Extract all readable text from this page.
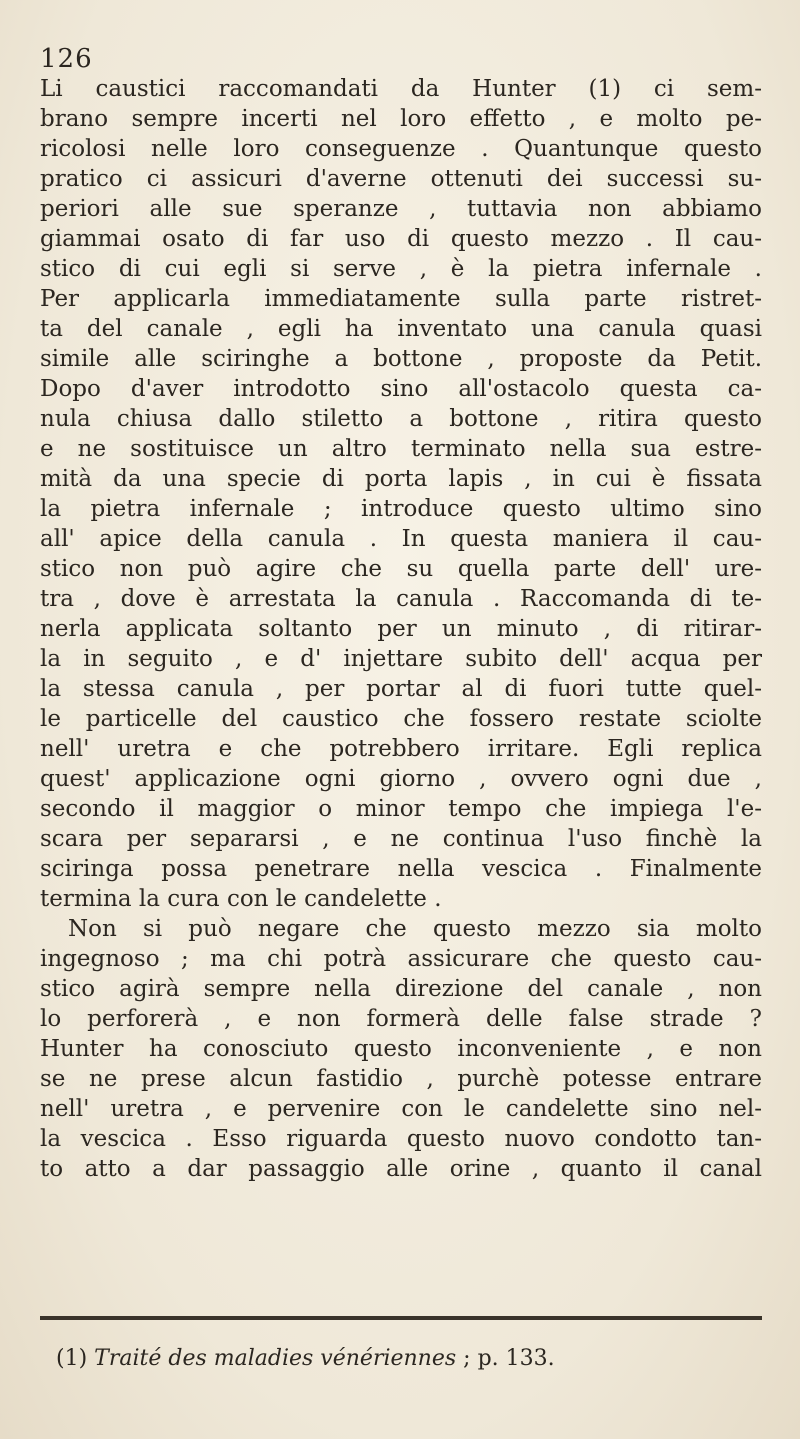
126
Li caustici raccomandati da Hunter (1) ci sem-
brano sempre incerti nel loro effetto , e molto pe-
ricolosi nelle loro conseguenze . Quantunque questo
pratico ci assicuri d'averne ottenuti dei successi su-
periori alle sue speranze , tuttavia non abbiamo
giammai osato di far uso di questo mezzo . Il cau-
stico di cui egli si serve , è la pietra infernale .
Per applicarla immediatamente sulla parte ristret-
ta del canale , egli ha inventato una canula quasi
simile alle sciringhe a bottone , proposte da Petit.
Dopo d'aver introdotto sino all'ostacolo questa ca-
nula chiusa dallo stiletto a bottone , ritira questo
e ne sostituisce un altro terminato nella sua estre-
mità da una specie di porta lapis , in cui è fissata
la pietra infernale ; introduce questo ultimo sino
all' apice della canula . In questa maniera il cau-
stico non può agire che su quella parte dell' ure-
tra , dove è arrestata la canula . Raccomanda di te-
nerla applicata soltanto per un minuto , di ritirar-
la in seguito , e d' injettare subito dell' acqua per
la stessa canula , per portar al di fuori tutte quel-
le particelle del caustico che fossero restate sciolte
nell' uretra e che potrebbero irritare. Egli replica
quest' applicazione ogni giorno , ovvero ogni due ,
secondo il maggior o minor tempo che impiega l'e-
scara per separarsi , e ne continua l'uso finchè la
sciringa possa penetrare nella vescica . Finalmente
termina la cura con le candelette .
Non si può negare che questo mezzo sia molto
ingegnoso ; ma chi potrà assicurare che questo cau-
stico agirà sempre nella direzione del canale , non
lo perforerà , e non formerà delle false strade ?
Hunter ha conosciuto questo inconveniente , e non
se ne prese alcun fastidio , purchè potesse entrare
nell' uretra , e pervenire con le candelette sino nel-
la vescica . Esso riguarda questo nuovo condotto tan-
to atto a dar passaggio alle orine , quanto il canal
(1) Traité des maladies vénériennes ; p. 133.
